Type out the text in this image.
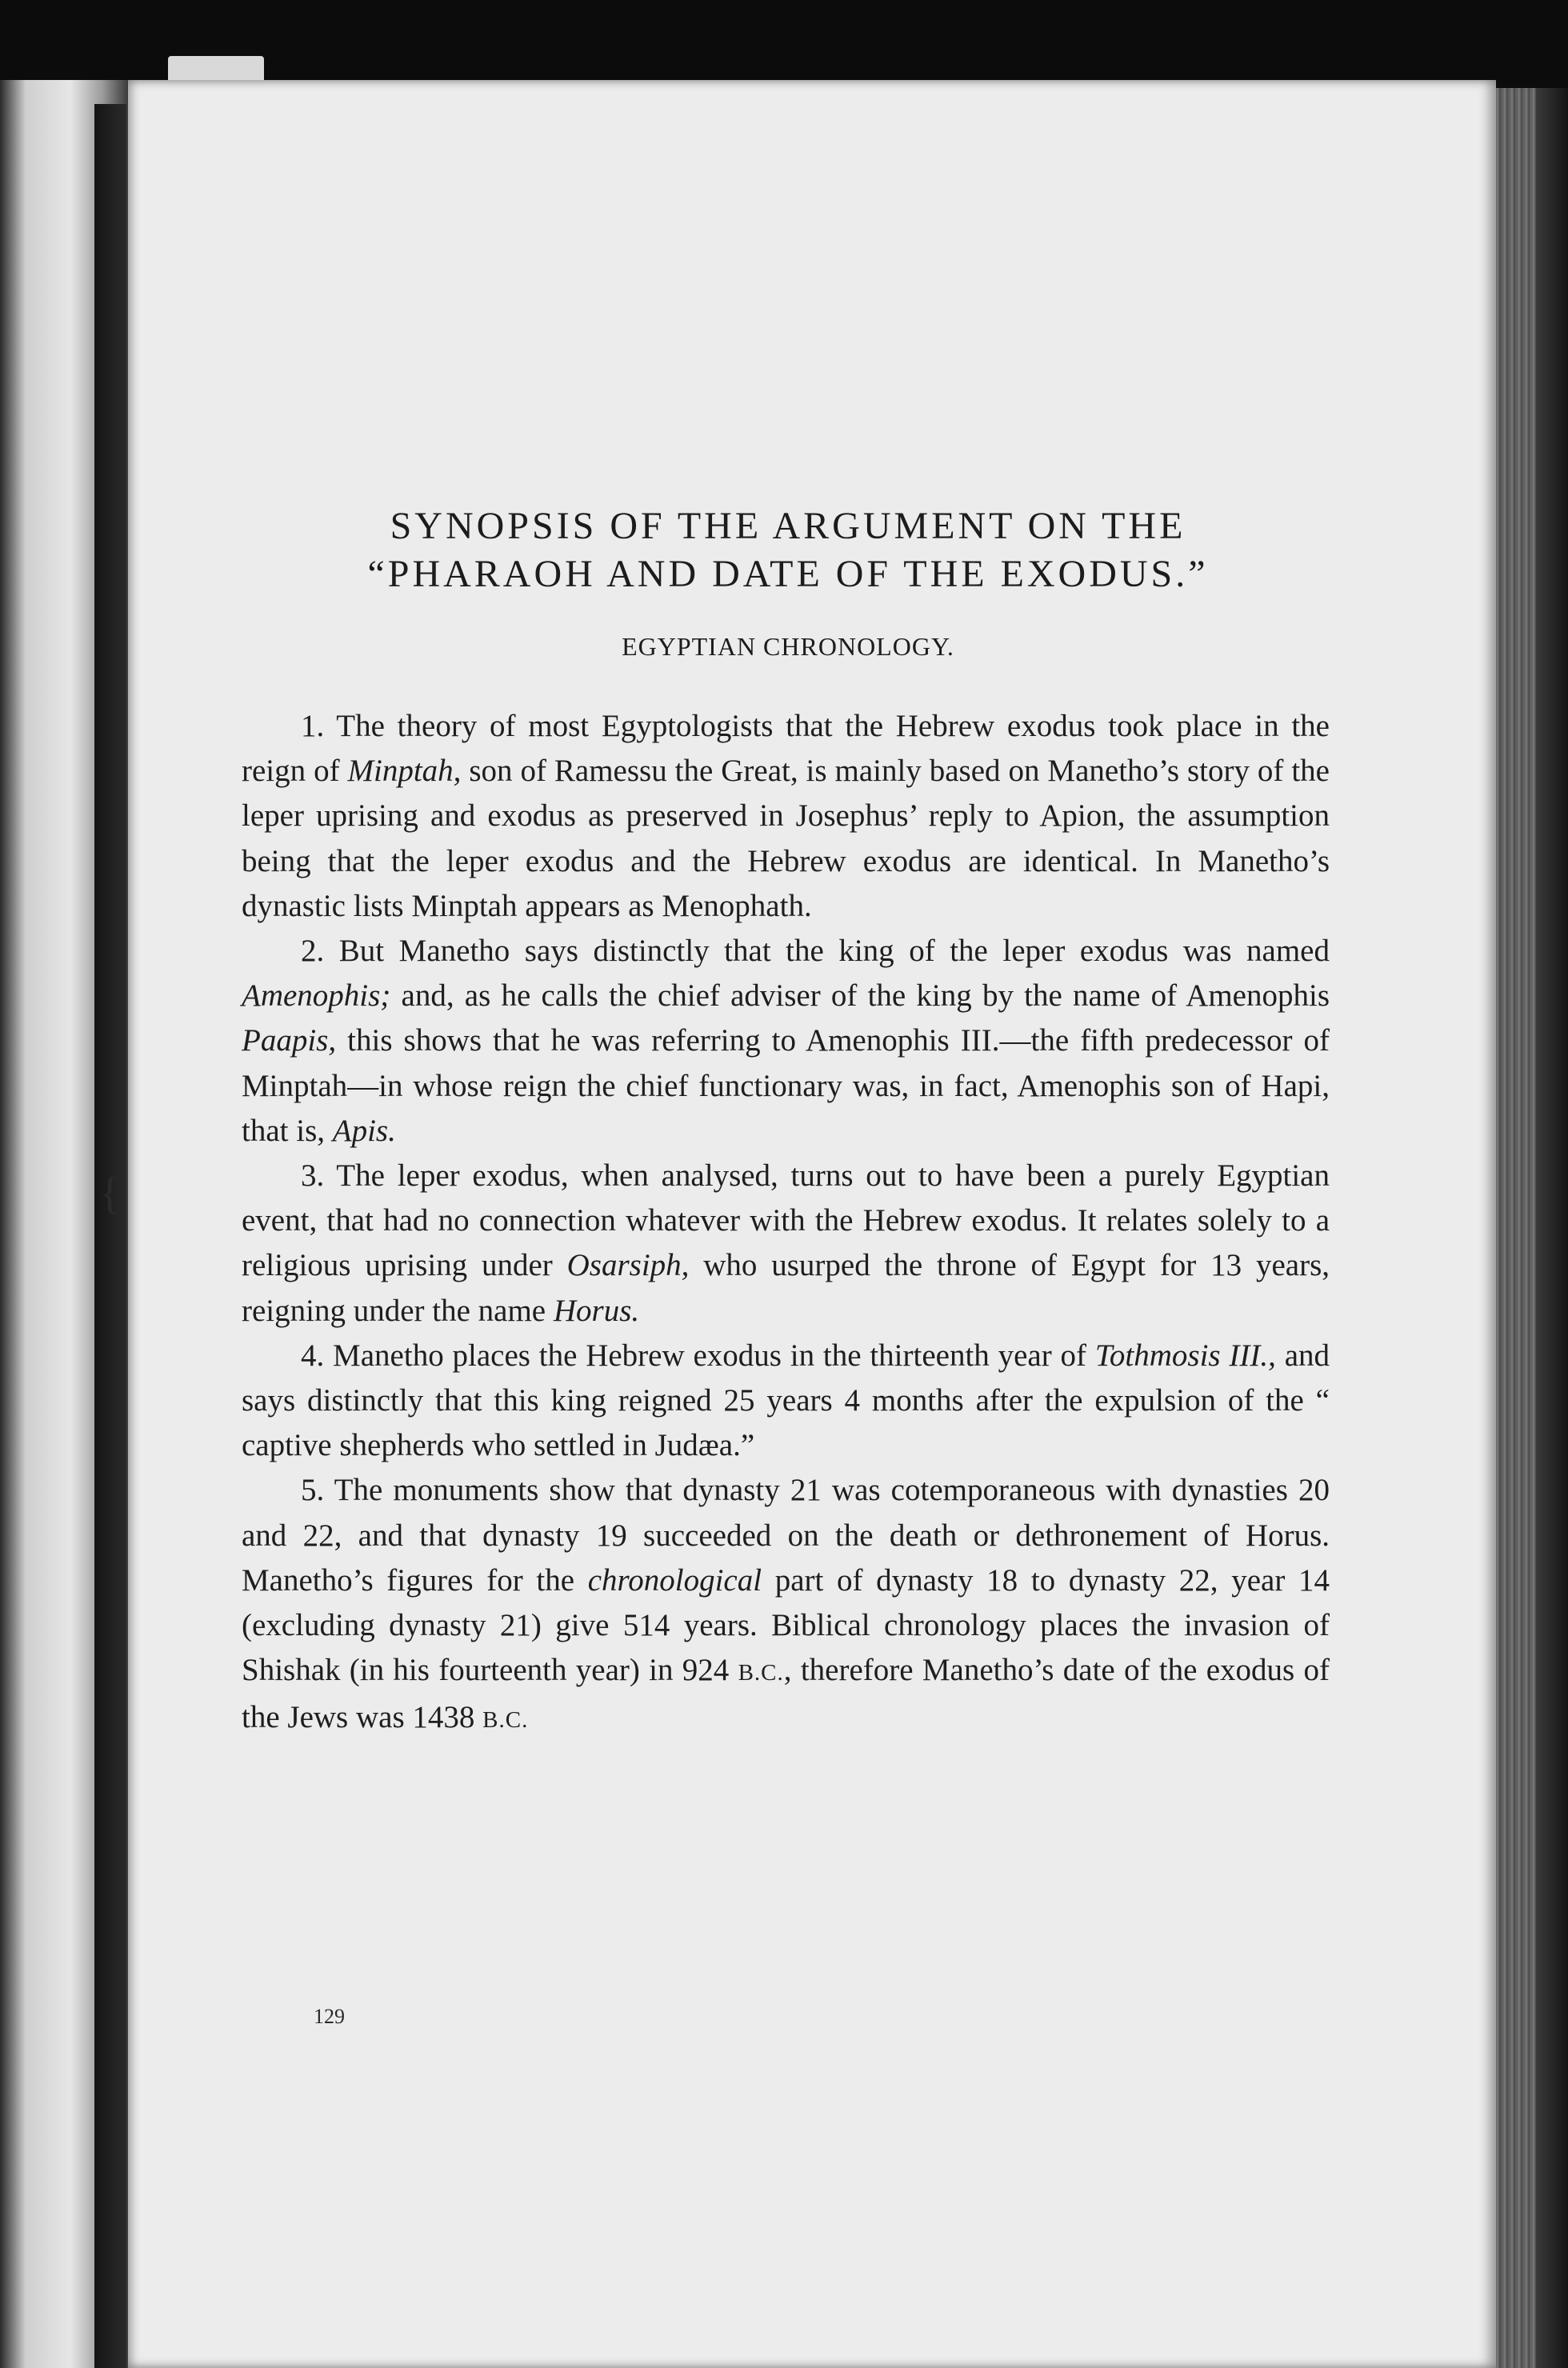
SYNOPSIS OF THE ARGUMENT ON THE
“PHARAOH AND DATE OF THE EXODUS.”
EGYPTIAN CHRONOLOGY.

1. The theory of most Egyptologists that the Hebrew exodus took place in the reign of Minptah, son of Ramessu the Great, is mainly based on Manetho’s story of the leper uprising and exodus as preserved in Josephus’ reply to Apion, the assumption being that the leper exodus and the Hebrew exodus are identical. In Manetho’s dynastic lists Minptah appears as Menophath.

2. But Manetho says distinctly that the king of the leper exodus was named Amenophis; and, as he calls the chief adviser of the king by the name of Amenophis Paapis, this shows that he was referring to Amenophis III.—the fifth predecessor of Minptah—in whose reign the chief functionary was, in fact, Amenophis son of Hapi, that is, Apis.

3. The leper exodus, when analysed, turns out to have been a purely Egyptian event, that had no connection whatever with the Hebrew exodus. It relates solely to a religious uprising under Osarsiph, who usurped the throne of Egypt for 13 years, reigning under the name Horus.

4. Manetho places the Hebrew exodus in the thirteenth year of Tothmosis III., and says distinctly that this king reigned 25 years 4 months after the expulsion of the “ captive shepherds who settled in Judæa.”

5. The monuments show that dynasty 21 was cotemporaneous with dynasties 20 and 22, and that dynasty 19 succeeded on the death or dethronement of Horus. Manetho’s figures for the chronological part of dynasty 18 to dynasty 22, year 14 (excluding dynasty 21) give 514 years. Biblical chronology places the invasion of Shishak (in his fourteenth year) in 924 B.C., therefore Manetho’s date of the exodus of the Jews was 1438 B.C.

129
{
